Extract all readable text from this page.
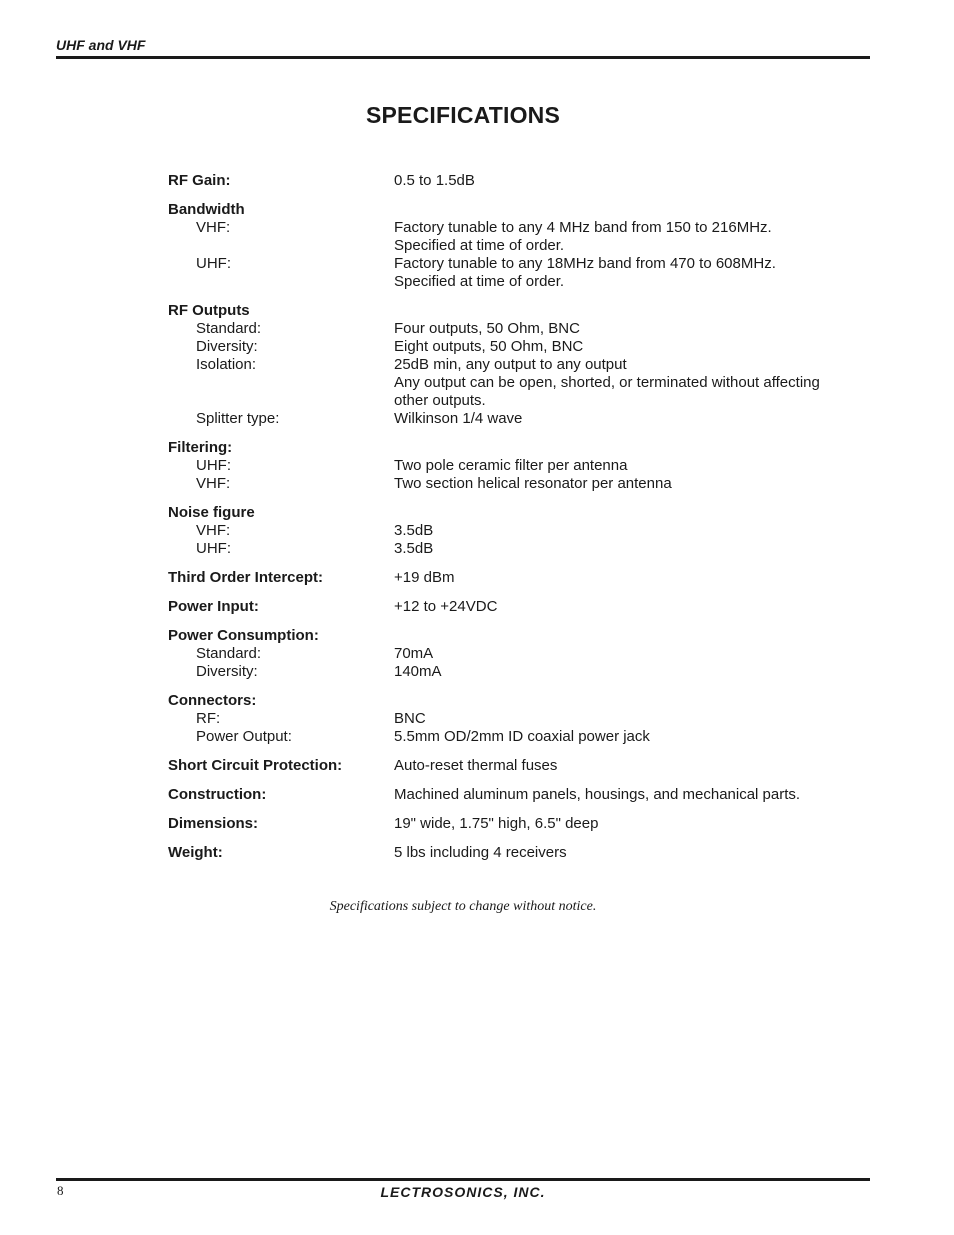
UHF and VHF
SPECIFICATIONS
RF Gain:	0.5 to 1.5dB
Bandwidth
VHF:	Factory tunable to any 4 MHz band from 150 to 216MHz.
Specified at time of order.
UHF:	Factory tunable to any 18MHz band from 470 to 608MHz.
Specified at time of order.
RF Outputs
Standard:	Four outputs, 50 Ohm, BNC
Diversity:	Eight outputs, 50 Ohm, BNC
Isolation:	25dB min, any output to any output
Any output can be open, shorted, or terminated without affecting
other outputs.
Splitter type:	Wilkinson 1/4 wave
Filtering:
UHF:	Two pole ceramic filter per antenna
VHF:	Two section helical resonator per antenna
Noise figure
VHF:	3.5dB
UHF:	3.5dB
Third Order Intercept:	+19 dBm
Power Input:	+12 to +24VDC
Power Consumption:
Standard:	70mA
Diversity:	140mA
Connectors:
RF:	BNC
Power Output:	5.5mm OD/2mm ID coaxial power jack
Short Circuit Protection:	Auto-reset thermal fuses
Construction:	Machined aluminum panels, housings, and mechanical parts.
Dimensions:	19" wide, 1.75" high, 6.5" deep
Weight:	5 lbs including 4 receivers
Specifications subject to change without notice.
8	LECTROSONICS, INC.
